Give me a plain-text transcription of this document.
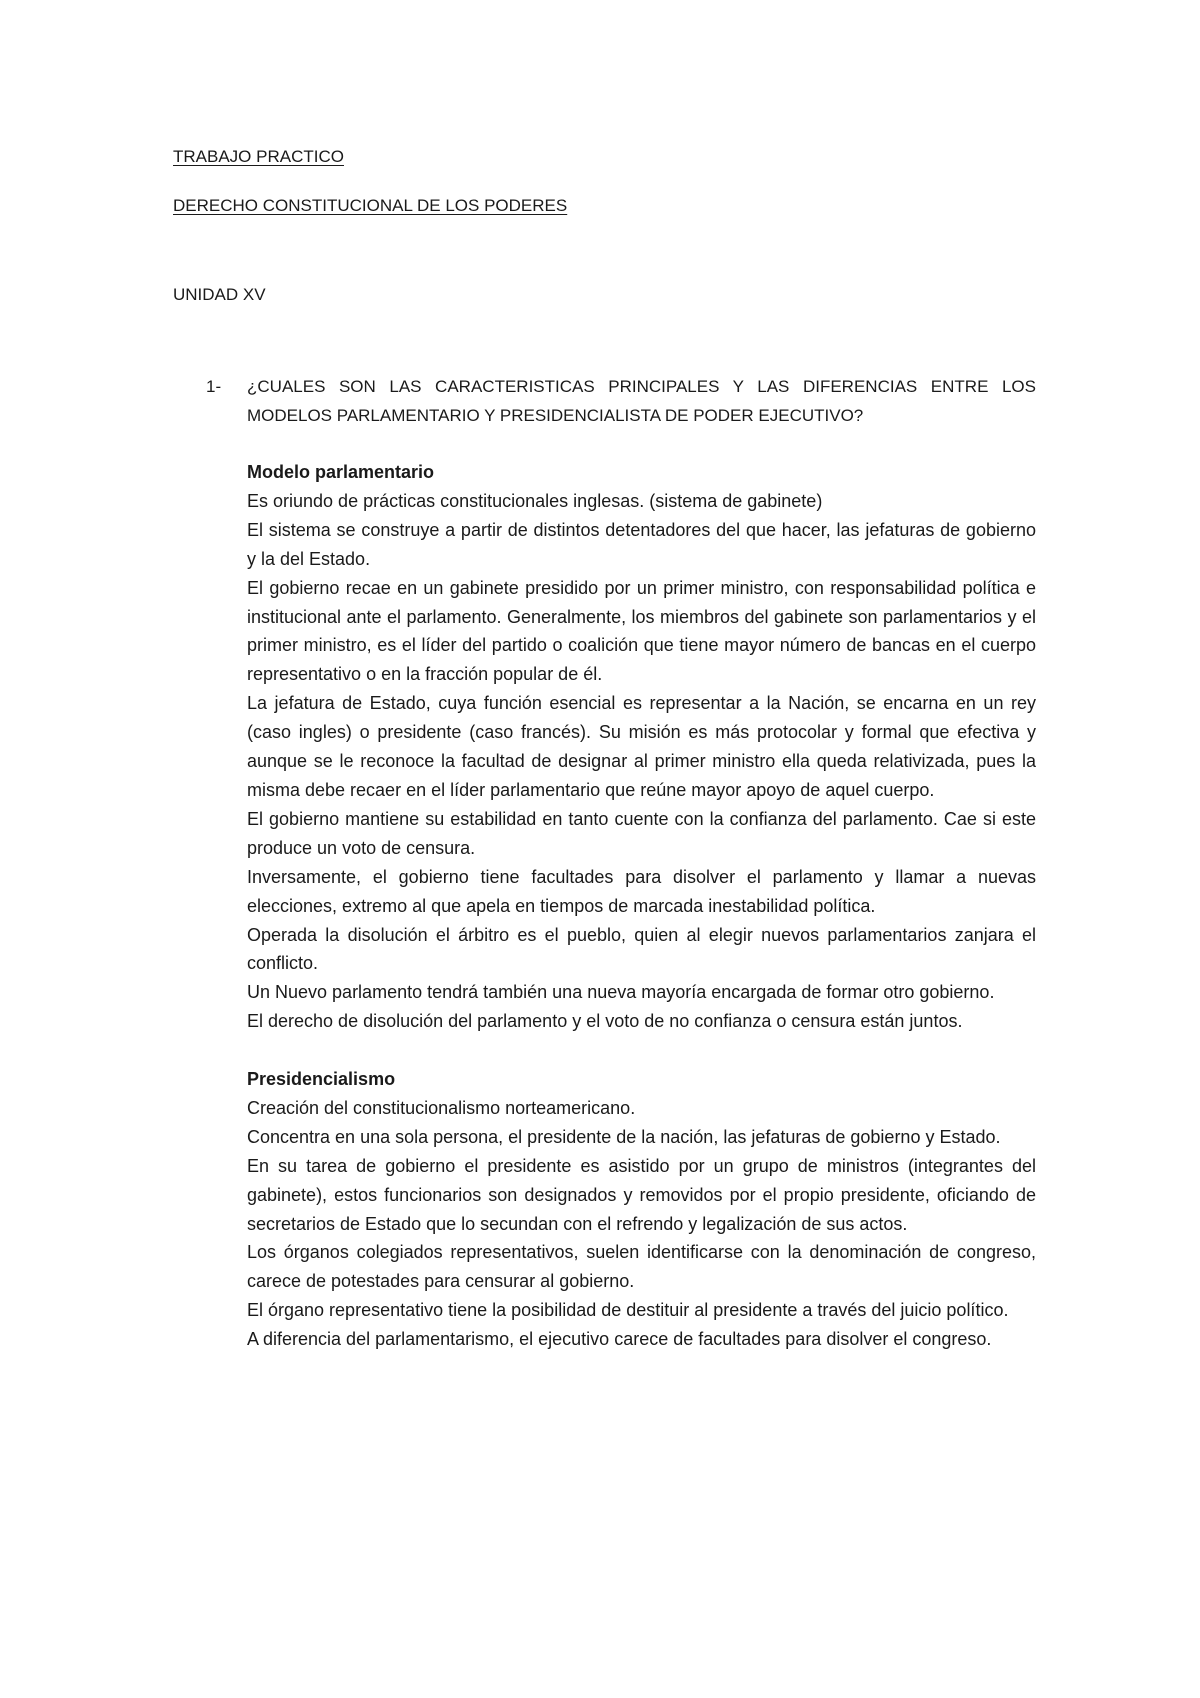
TRABAJO PRACTICO

DERECHO CONSTITUCIONAL DE LOS PODERES

UNIDAD XV

1- ¿CUALES SON LAS CARACTERISTICAS PRINCIPALES Y LAS DIFERENCIAS ENTRE LOS MODELOS PARLAMENTARIO Y PRESIDENCIALISTA DE PODER EJECUTIVO?

Modelo parlamentario

Es oriundo de prácticas constitucionales inglesas. (sistema de gabinete)

El sistema se construye a partir de distintos detentadores del que hacer, las jefaturas de gobierno y la del Estado.

El gobierno recae en un gabinete presidido por un primer ministro, con responsabilidad política e institucional ante el parlamento. Generalmente, los miembros del gabinete son parlamentarios y el primer ministro, es el líder del partido o coalición que tiene mayor número de bancas en el cuerpo representativo o en la fracción popular de él.

La jefatura de Estado, cuya función esencial es representar a la Nación, se encarna en un rey (caso ingles) o presidente (caso francés). Su misión es más protocolar y formal que efectiva y aunque se le reconoce la facultad de designar al primer ministro ella queda relativizada, pues la misma debe recaer en el líder parlamentario que reúne mayor apoyo de aquel cuerpo.

El gobierno mantiene su estabilidad en tanto cuente con la confianza del parlamento. Cae si este produce un voto de censura.

Inversamente, el gobierno tiene facultades para disolver el parlamento y llamar a nuevas elecciones, extremo al que apela en tiempos de marcada inestabilidad política.

Operada la disolución el árbitro es el pueblo, quien al elegir nuevos parlamentarios zanjara el conflicto.

Un Nuevo parlamento tendrá también una nueva mayoría encargada de formar otro gobierno.

El derecho de disolución del parlamento y el voto de no confianza o censura están juntos.

Presidencialismo

Creación del constitucionalismo norteamericano.

Concentra en una sola persona, el presidente de la nación, las jefaturas de gobierno y Estado.

En su tarea de gobierno el presidente es asistido por un grupo de ministros (integrantes del gabinete), estos funcionarios son designados y removidos por el propio presidente, oficiando de secretarios de Estado que lo secundan con el refrendo y legalización de sus actos.

Los órganos colegiados representativos, suelen identificarse con la denominación de congreso, carece de potestades para censurar al gobierno.

El órgano representativo tiene la posibilidad de destituir al presidente a través del juicio político.

A diferencia del parlamentarismo, el ejecutivo carece de facultades para disolver el congreso.
